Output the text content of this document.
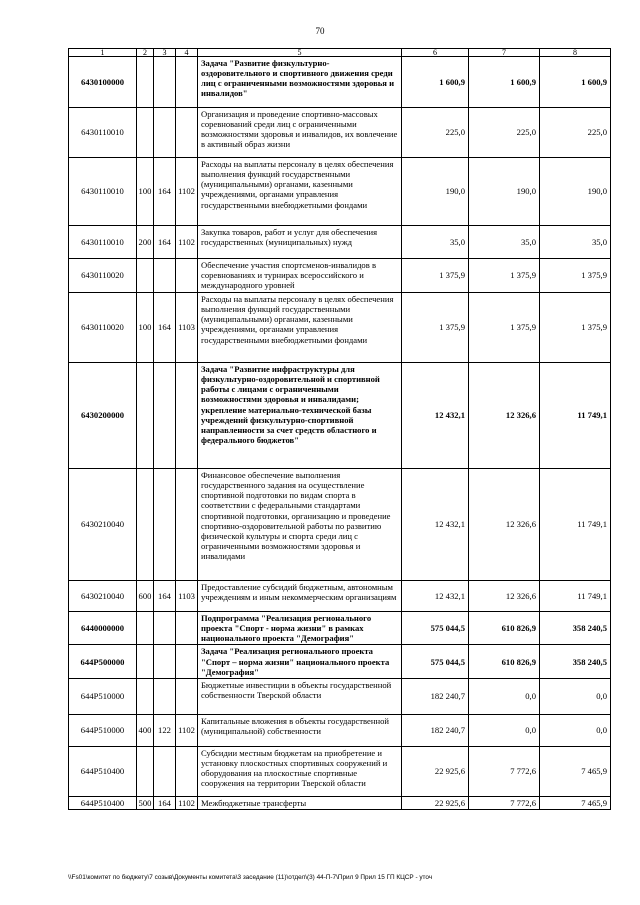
70
1	2	3	4	5	6	7	8
6430100000				Задача "Развитие физкультурно-оздоровительного и спортивного движения среди лиц с ограниченными возможностями здоровья и инвалидов"	1 600,9	1 600,9	1 600,9
6430110010				Организация и проведение спортивно-массовых соревнований среди лиц с ограниченными возможностями здоровья и инвалидов, их вовлечение в активный образ жизни	225,0	225,0	225,0
6430110010	100	164	1102	Расходы на выплаты персоналу в целях обеспечения выполнения функций государственными (муниципальными) органами, казенными учреждениями, органами управления государственными внебюджетными фондами	190,0	190,0	190,0
6430110010	200	164	1102	Закупка товаров, работ и услуг для обеспечения государственных (муниципальных) нужд	35,0	35,0	35,0
6430110020				Обеспечение участия спортсменов-инвалидов в соревнованиях и турнирах всероссийского и международного уровней	1 375,9	1 375,9	1 375,9
6430110020	100	164	1103	Расходы на выплаты персоналу в целях обеспечения выполнения функций государственными (муниципальными) органами, казенными учреждениями, органами управления государственными внебюджетными фондами	1 375,9	1 375,9	1 375,9
6430200000				Задача "Развитие инфраструктуры для физкультурно-оздоровительной и спортивной работы с лицами с ограниченными возможностями здоровья и инвалидами; укрепление материально-технической базы учреждений физкультурно-спортивной направленности за счет средств областного и федерального бюджетов"	12 432,1	12 326,6	11 749,1
6430210040				Финансовое обеспечение выполнения государственного задания на осуществление спортивной подготовки по видам спорта в соответствии с федеральными стандартами спортивной подготовки, организацию и проведение спортивно-оздоровительной работы по развитию физической культуры и спорта среди лиц с ограниченными возможностями здоровья и инвалидами	12 432,1	12 326,6	11 749,1
6430210040	600	164	1103	Предоставление субсидий бюджетным, автономным учреждениям и иным некоммерческим организациям	12 432,1	12 326,6	11 749,1
6440000000				Подпрограмма "Реализация регионального проекта "Спорт - норма жизни" в рамках национального проекта "Демография"	575 044,5	610 826,9	358 240,5
644P500000				Задача "Реализация регионального проекта "Спорт – норма жизни" национального проекта "Демография"	575 044,5	610 826,9	358 240,5
644P510000				Бюджетные инвестиции в объекты государственной собственности Тверской области	182 240,7	0,0	0,0
644P510000	400	122	1102	Капитальные вложения в объекты государственной (муниципальной) собственности	182 240,7	0,0	0,0
644P510400				Субсидии местным бюджетам на приобретение и установку плоскостных спортивных сооружений и оборудования на плоскостные спортивные сооружения на территории Тверской области	22 925,6	7 772,6	7 465,9
644P510400	500	164	1102	Межбюджетные трансферты	22 925,6	7 772,6	7 465,9
\\Fs01\комитет по бюджету\7 созыв\Документы комитета\3 заседание (11)\отдел\(3) 44-П-7\Прил 9 Прил 15 ГП КЦСР - уточ
